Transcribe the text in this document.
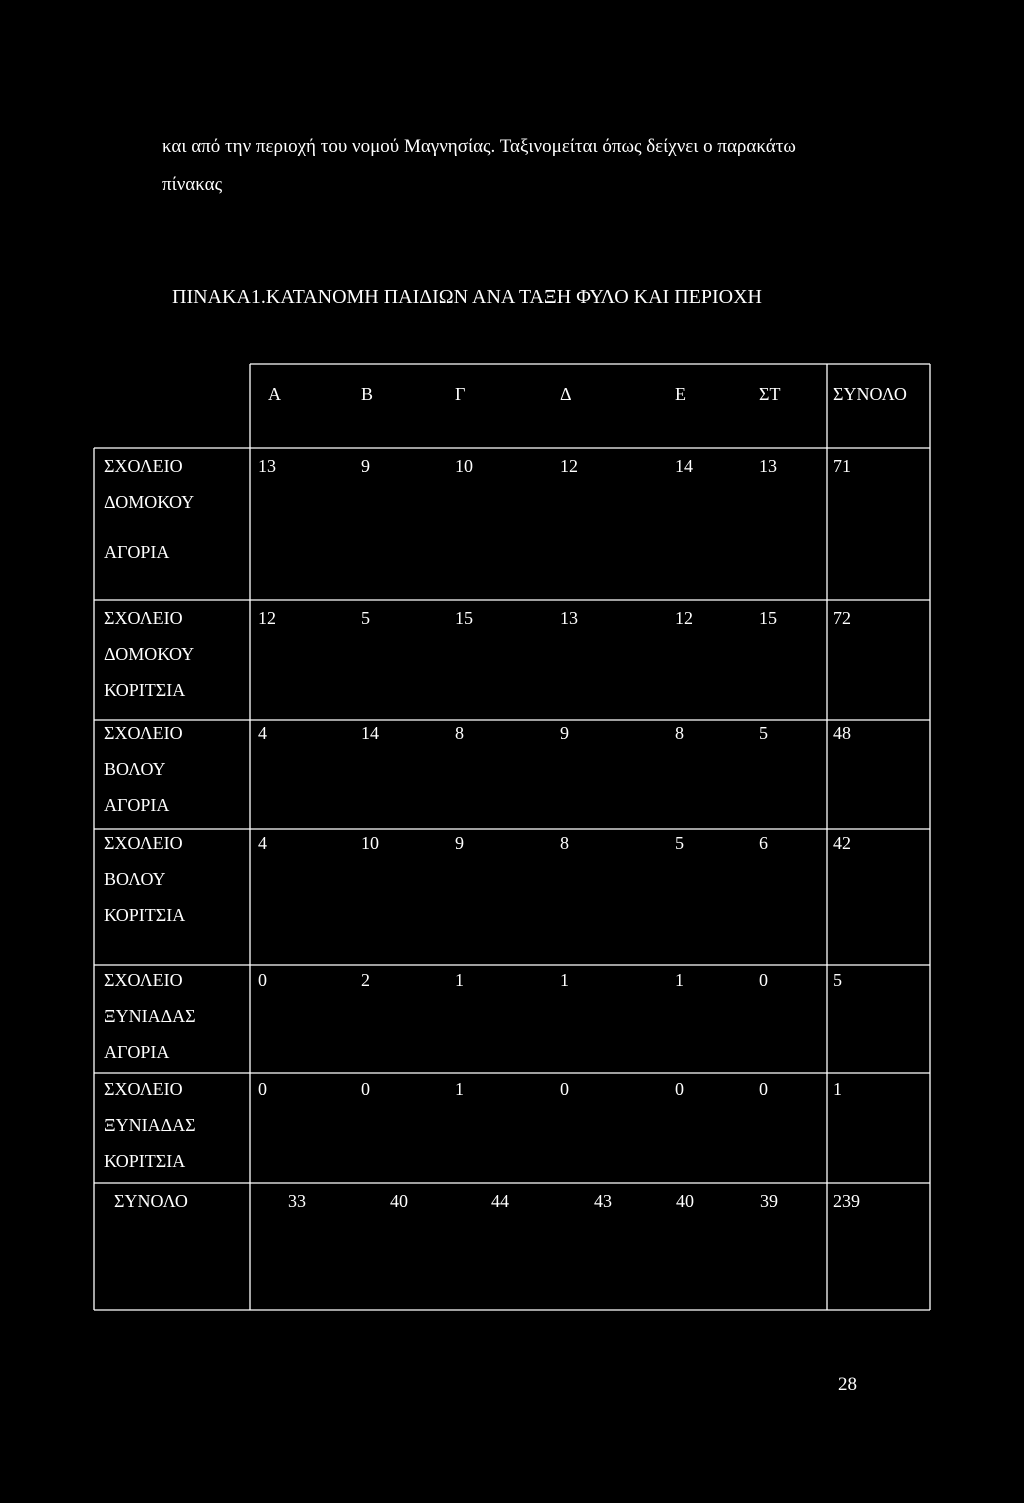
και από την περιοχή του νομού Μαγνησίας. Ταξινομείται όπως δείχνει ο παρακάτω
πίνακας

ΠΙΝΑΚΑ1.ΚΑΤΑΝΟΜΗ ΠΑΙΔΙΩΝ ΑΝΑ ΤΑΞΗ ΦΥΛΟ ΚΑΙ ΠΕΡΙΟΧΗ
Α	Β	Γ	Δ	Ε	ΣΤ	ΣΥΝΟΛΟ
ΣΧΟΛΕΙΟ
ΔΟΜΟΚΟΥ
ΑΓΟΡΙΑ
13	9	10	12	14	13	71
ΣΧΟΛΕΙΟ
ΔΟΜΟΚΟΥ
ΚΟΡΙΤΣΙΑ
12	5	15	13	12	15	72
ΣΧΟΛΕΙΟ
ΒΟΛΟΥ
ΑΓΟΡΙΑ
4	14	8	9	8	5	48
ΣΧΟΛΕΙΟ
ΒΟΛΟΥ
ΚΟΡΙΤΣΙΑ
4	10	9	8	5	6	42
ΣΧΟΛΕΙΟ
ΞΥΝΙΑΔΑΣ
ΑΓΟΡΙΑ
0	2	1	1	1	0	5
ΣΧΟΛΕΙΟ
ΞΥΝΙΑΔΑΣ
ΚΟΡΙΤΣΙΑ
0	0	1	0	0	0	1
ΣΥΝΟΛΟ	33	40	44	43	40	39	239
28
